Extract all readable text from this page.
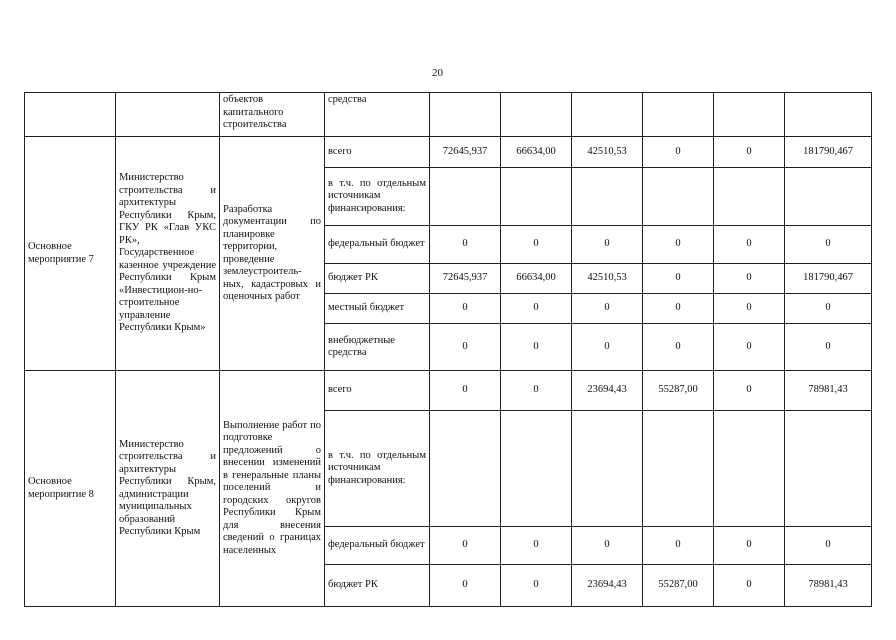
20
		объектов капитального строительства	средства						
Основное мероприятие 7	Министерство строительства и архитектуры Республики Крым, ГКУ РК «Глав УКС РК», Государственное казенное учреждение Республики Крым «Инвестицион-но-строительное управление Республики Крым»	Разработка документации по планировке территории, проведение землеустроитель-ных, кадастровых и оценочных работ	всего	72645,937	66634,00	42510,53	0	0	181790,467
			в т.ч. по отдельным источникам финансирования:						
			федеральный бюджет	0	0	0	0	0	0
			бюджет РК	72645,937	66634,00	42510,53	0	0	181790,467
			местный бюджет	0	0	0	0	0	0
			внебюджетные средства	0	0	0	0	0	0
Основное мероприятие 8	Министерство строительства и архитектуры Республики Крым, администрации муниципальных образований Республики Крым	Выполнение работ по подготовке предложений о внесении изменений в генеральные планы поселений и городских округов Республики Крым для внесения сведений о границах населенных	всего	0	0	23694,43	55287,00	0	78981,43
			в т.ч. по отдельным источникам финансирования:						
			федеральный бюджет	0	0	0	0	0	0
			бюджет РК	0	0	23694,43	55287,00	0	78981,43
